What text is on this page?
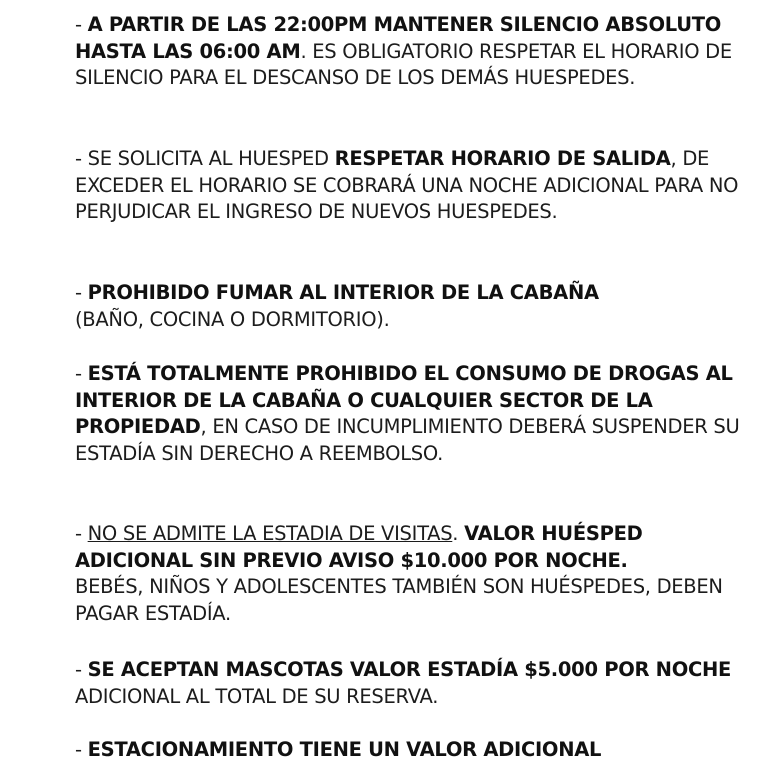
- A PARTIR DE LAS 22:00PM MANTENER SILENCIO ABSOLUTO HASTA LAS 06:00 AM. ES OBLIGATORIO RESPETAR EL HORARIO DE SILENCIO PARA EL DESCANSO DE LOS DEMÁS HUESPEDES.

- SE SOLICITA AL HUESPED RESPETAR HORARIO DE SALIDA, DE EXCEDER EL HORARIO SE COBRARÁ UNA NOCHE ADICIONAL PARA NO PERJUDICAR EL INGRESO DE NUEVOS HUESPEDES.

- PROHIBIDO FUMAR AL INTERIOR DE LA CABAÑA
(BAÑO, COCINA O DORMITORIO).

- ESTÁ TOTALMENTE PROHIBIDO EL CONSUMO DE DROGAS AL INTERIOR DE LA CABAÑA O CUALQUIER SECTOR DE LA PROPIEDAD, EN CASO DE INCUMPLIMIENTO DEBERÁ SUSPENDER SU ESTADÍA SIN DERECHO A REEMBOLSO.

- NO SE ADMITE LA ESTADIA DE VISITAS. VALOR HUÉSPED ADICIONAL SIN PREVIO AVISO $10.000 POR NOCHE.
BEBÉS, NIÑOS Y ADOLESCENTES TAMBIÉN SON HUÉSPEDES, DEBEN PAGAR ESTADÍA.

- SE ACEPTAN MASCOTAS VALOR ESTADÍA $5.000 POR NOCHE ADICIONAL AL TOTAL DE SU RESERVA.

- ESTACIONAMIENTO TIENE UN VALOR ADICIONAL
